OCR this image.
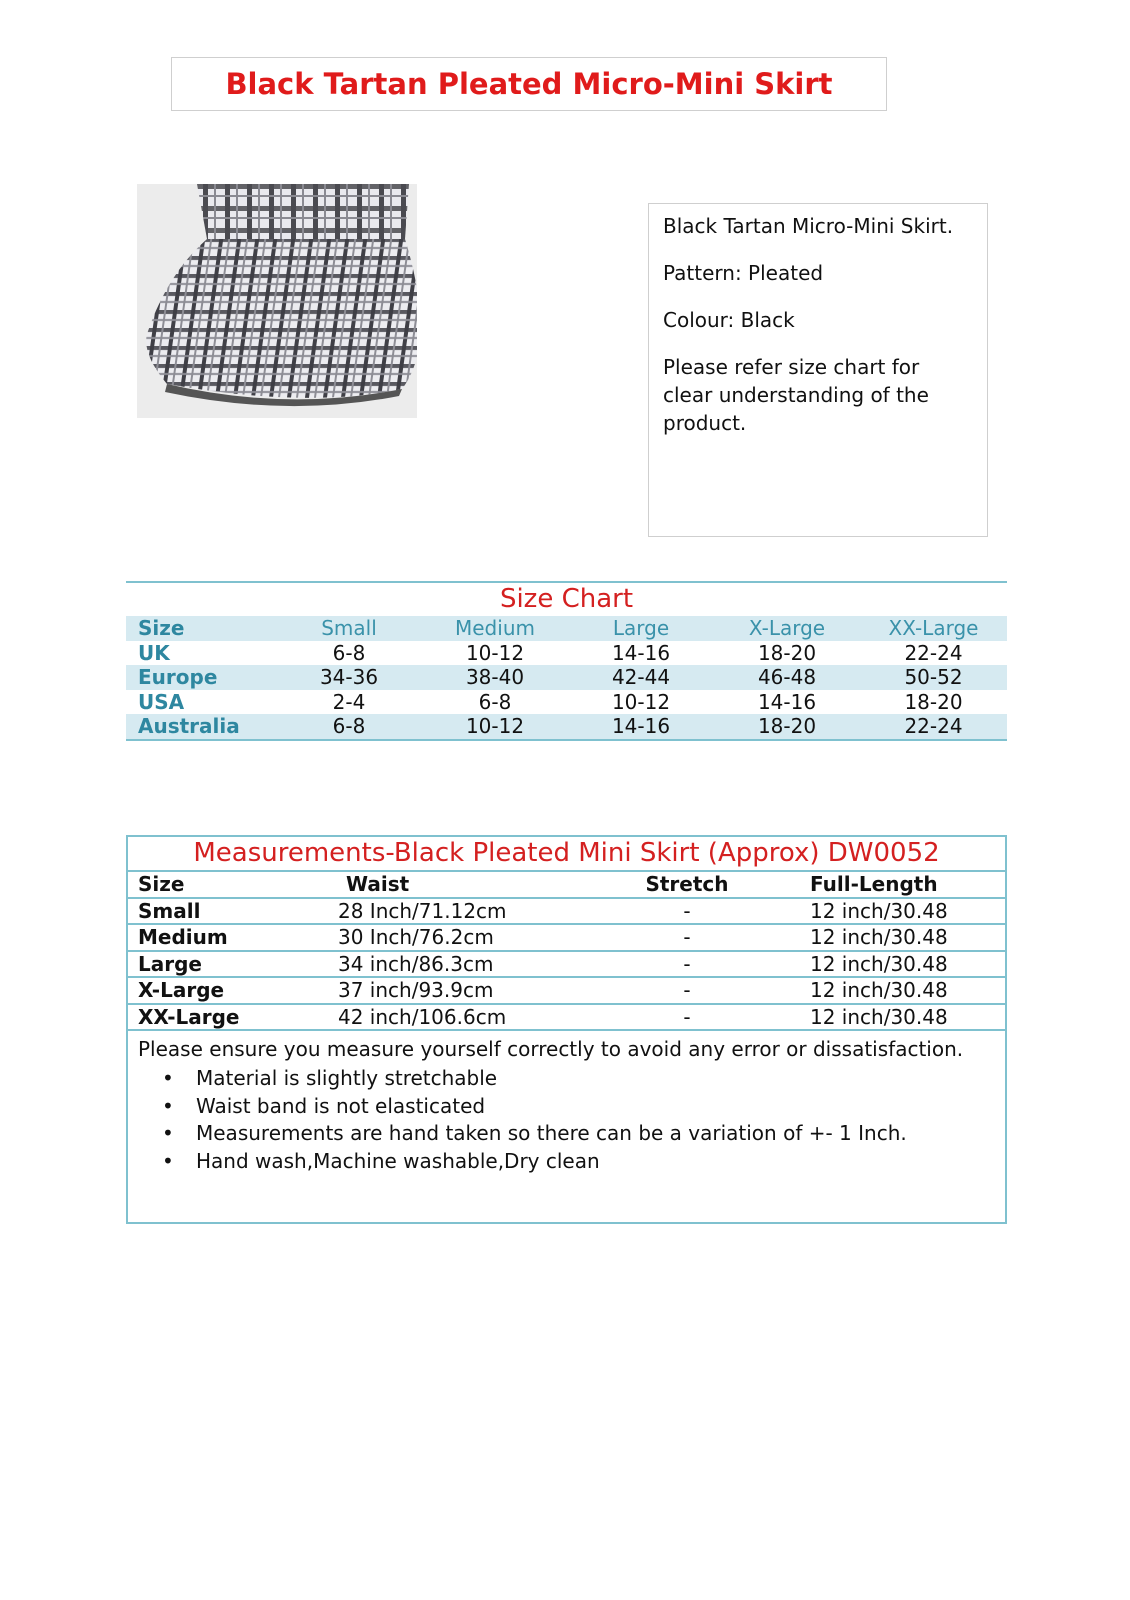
Black Tartan Pleated Micro-Mini Skirt

Black Tartan Micro-Mini Skirt.

Pattern: Pleated

Colour: Black

Please refer size chart for clear understanding of the product.

Size Chart
Size	Small	Medium	Large	X-Large	XX-Large
UK	6-8	10-12	14-16	18-20	22-24
Europe	34-36	38-40	42-44	46-48	50-52
USA	2-4	6-8	10-12	14-16	18-20
Australia	6-8	10-12	14-16	18-20	22-24
Measurements-Black Pleated Mini Skirt (Approx) DW0052
Size	Waist	Stretch	Full-Length
Small	28 Inch/71.12cm	-	12 inch/30.48
Medium	30 Inch/76.2cm	-	12 inch/30.48
Large	34 inch/86.3cm	-	12 inch/30.48
X-Large	37 inch/93.9cm	-	12 inch/30.48
XX-Large	42 inch/106.6cm	-	12 inch/30.48
Please ensure you measure yourself correctly to avoid any error or dissatisfaction.
• Material is slightly stretchable
• Waist band is not elasticated
• Measurements are hand taken so there can be a variation of +- 1 Inch.
• Hand wash,Machine washable,Dry clean
